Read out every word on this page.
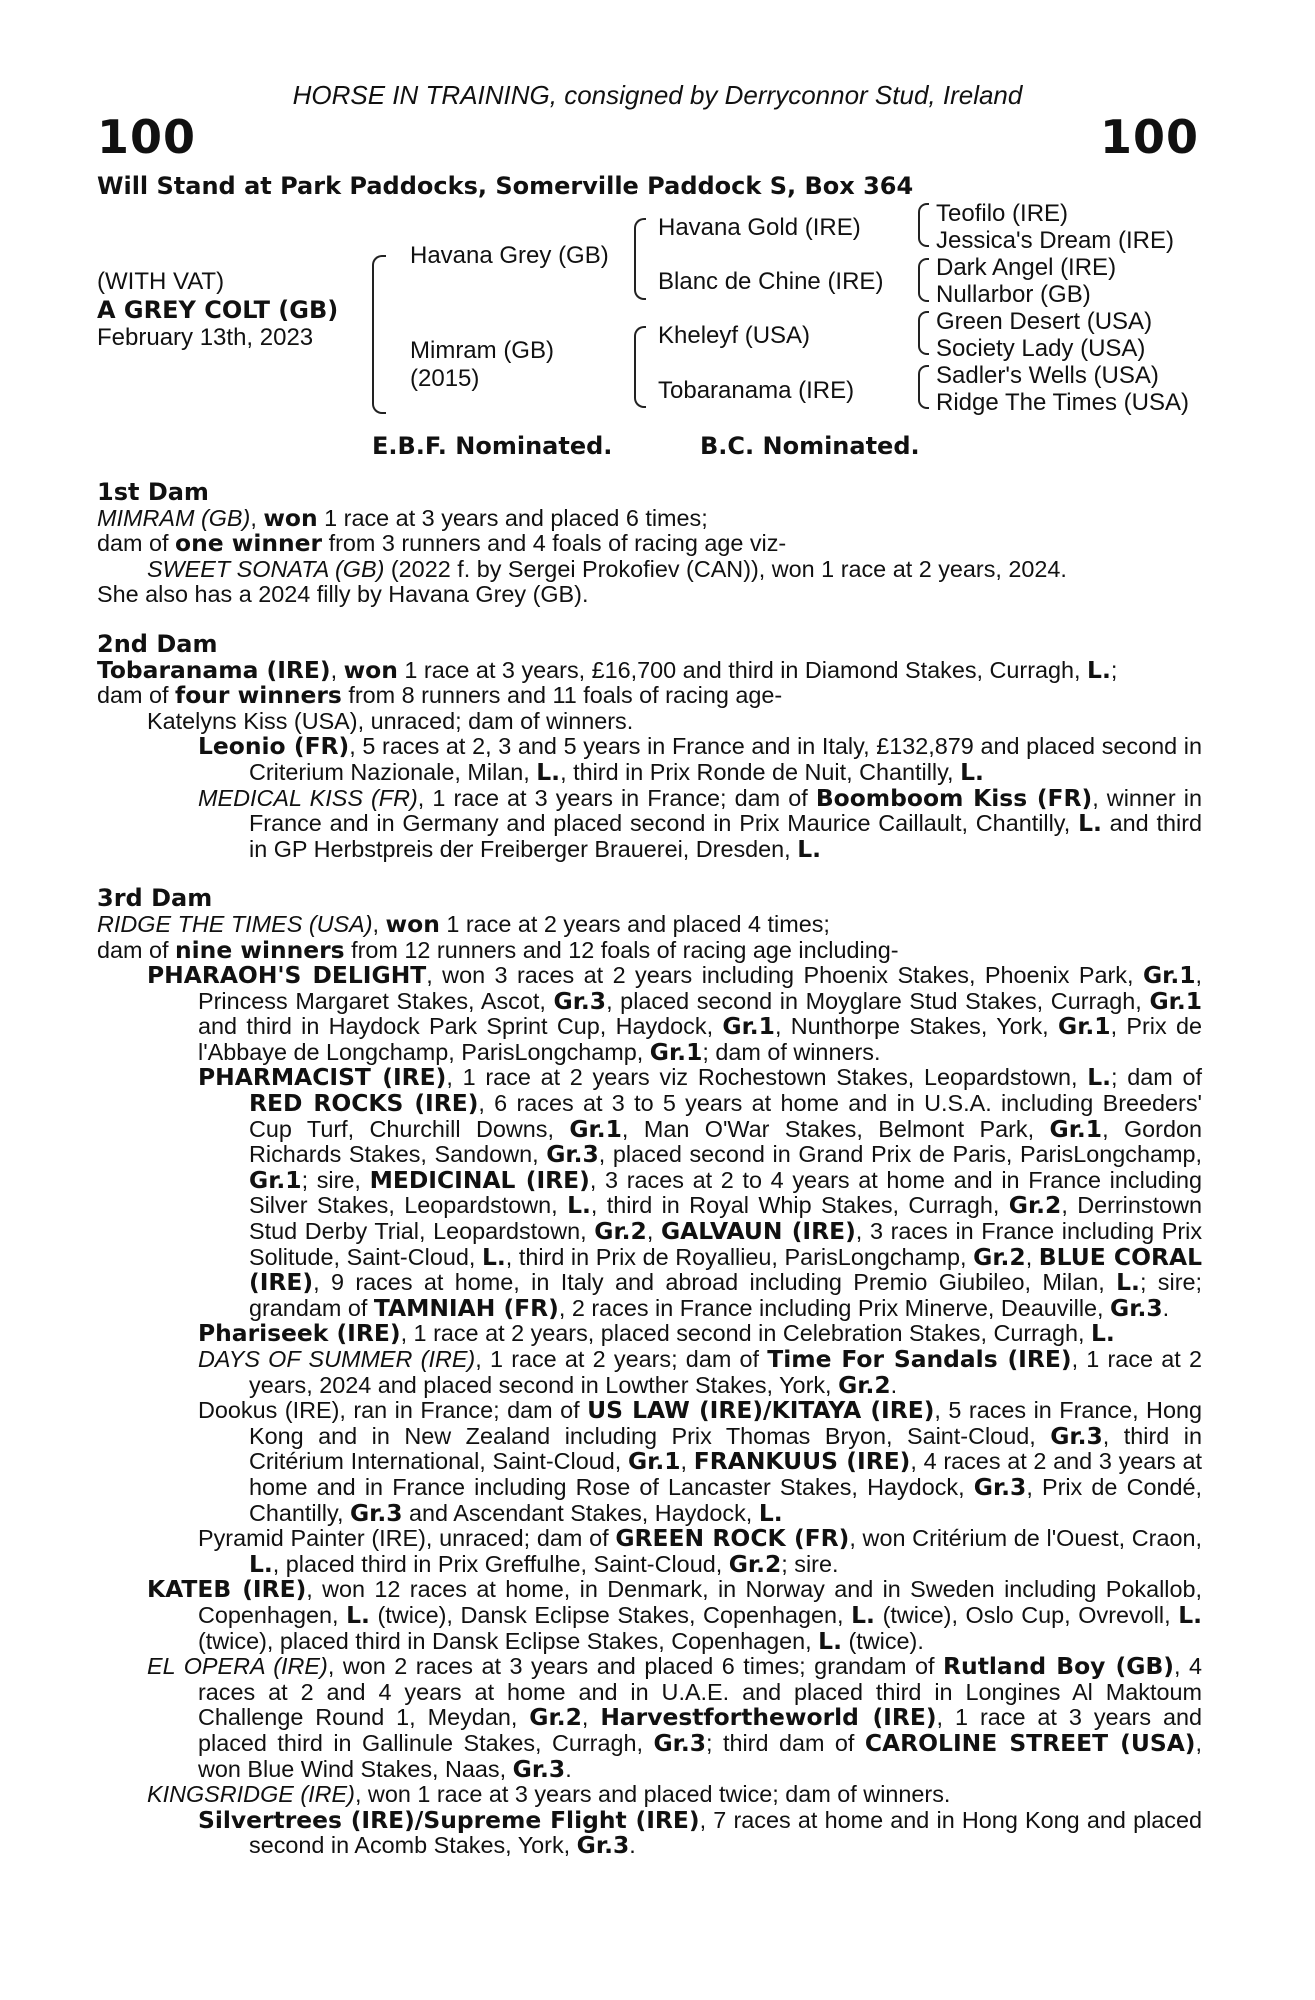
HORSE IN TRAINING, consigned by Derryconnor Stud, Ireland
100	100
Will Stand at Park Paddocks, Somerville Paddock S, Box 364
(WITH VAT)
A GREY COLT (GB)
February 13th, 2023
Havana Grey (GB)
Mimram (GB)
(2015)
Havana Gold (IRE)
Blanc de Chine (IRE)
Kheleyf (USA)
Tobaranama (IRE)
Teofilo (IRE)
Jessica's Dream (IRE)
Dark Angel (IRE)
Nullarbor (GB)
Green Desert (USA)
Society Lady (USA)
Sadler's Wells (USA)
Ridge The Times (USA)
E.B.F. Nominated.	B.C. Nominated.
1st Dam
MIMRAM (GB), won 1 race at 3 years and placed 6 times;
dam of one winner from 3 runners and 4 foals of racing age viz-
SWEET SONATA (GB) (2022 f. by Sergei Prokofiev (CAN)), won 1 race at 2 years, 2024.
She also has a 2024 filly by Havana Grey (GB).
2nd Dam
Tobaranama (IRE), won 1 race at 3 years, £16,700 and third in Diamond Stakes, Curragh, L.;
dam of four winners from 8 runners and 11 foals of racing age-
Katelyns Kiss (USA), unraced; dam of winners.
Leonio (FR), 5 races at 2, 3 and 5 years in France and in Italy, £132,879 and placed second in Criterium Nazionale, Milan, L., third in Prix Ronde de Nuit, Chantilly, L.
MEDICAL KISS (FR), 1 race at 3 years in France; dam of Boomboom Kiss (FR), winner in France and in Germany and placed second in Prix Maurice Caillault, Chantilly, L. and third in GP Herbstpreis der Freiberger Brauerei, Dresden, L.
3rd Dam
RIDGE THE TIMES (USA), won 1 race at 2 years and placed 4 times;
dam of nine winners from 12 runners and 12 foals of racing age including-
PHARAOH'S DELIGHT, won 3 races at 2 years including Phoenix Stakes, Phoenix Park, Gr.1, Princess Margaret Stakes, Ascot, Gr.3, placed second in Moyglare Stud Stakes, Curragh, Gr.1 and third in Haydock Park Sprint Cup, Haydock, Gr.1, Nunthorpe Stakes, York, Gr.1, Prix de l'Abbaye de Longchamp, ParisLongchamp, Gr.1; dam of winners.
PHARMACIST (IRE), 1 race at 2 years viz Rochestown Stakes, Leopardstown, L.; dam of RED ROCKS (IRE), 6 races at 3 to 5 years at home and in U.S.A. including Breeders' Cup Turf, Churchill Downs, Gr.1, Man O'War Stakes, Belmont Park, Gr.1, Gordon Richards Stakes, Sandown, Gr.3, placed second in Grand Prix de Paris, ParisLongchamp, Gr.1; sire, MEDICINAL (IRE), 3 races at 2 to 4 years at home and in France including Silver Stakes, Leopardstown, L., third in Royal Whip Stakes, Curragh, Gr.2, Derrinstown Stud Derby Trial, Leopardstown, Gr.2, GALVAUN (IRE), 3 races in France including Prix Solitude, Saint-Cloud, L., third in Prix de Royallieu, ParisLongchamp, Gr.2, BLUE CORAL (IRE), 9 races at home, in Italy and abroad including Premio Giubileo, Milan, L.; sire; grandam of TAMNIAH (FR), 2 races in France including Prix Minerve, Deauville, Gr.3.
Phariseek (IRE), 1 race at 2 years, placed second in Celebration Stakes, Curragh, L.
DAYS OF SUMMER (IRE), 1 race at 2 years; dam of Time For Sandals (IRE), 1 race at 2 years, 2024 and placed second in Lowther Stakes, York, Gr.2.
Dookus (IRE), ran in France; dam of US LAW (IRE)/KITAYA (IRE), 5 races in France, Hong Kong and in New Zealand including Prix Thomas Bryon, Saint-Cloud, Gr.3, third in Critérium International, Saint-Cloud, Gr.1, FRANKUUS (IRE), 4 races at 2 and 3 years at home and in France including Rose of Lancaster Stakes, Haydock, Gr.3, Prix de Condé, Chantilly, Gr.3 and Ascendant Stakes, Haydock, L.
Pyramid Painter (IRE), unraced; dam of GREEN ROCK (FR), won Critérium de l'Ouest, Craon, L., placed third in Prix Greffulhe, Saint-Cloud, Gr.2; sire.
KATEB (IRE), won 12 races at home, in Denmark, in Norway and in Sweden including Pokallob, Copenhagen, L. (twice), Dansk Eclipse Stakes, Copenhagen, L. (twice), Oslo Cup, Ovrevoll, L. (twice), placed third in Dansk Eclipse Stakes, Copenhagen, L. (twice).
EL OPERA (IRE), won 2 races at 3 years and placed 6 times; grandam of Rutland Boy (GB), 4 races at 2 and 4 years at home and in U.A.E. and placed third in Longines Al Maktoum Challenge Round 1, Meydan, Gr.2, Harvestfortheworld (IRE), 1 race at 3 years and placed third in Gallinule Stakes, Curragh, Gr.3; third dam of CAROLINE STREET (USA), won Blue Wind Stakes, Naas, Gr.3.
KINGSRIDGE (IRE), won 1 race at 3 years and placed twice; dam of winners.
Silvertrees (IRE)/Supreme Flight (IRE), 7 races at home and in Hong Kong and placed second in Acomb Stakes, York, Gr.3.
